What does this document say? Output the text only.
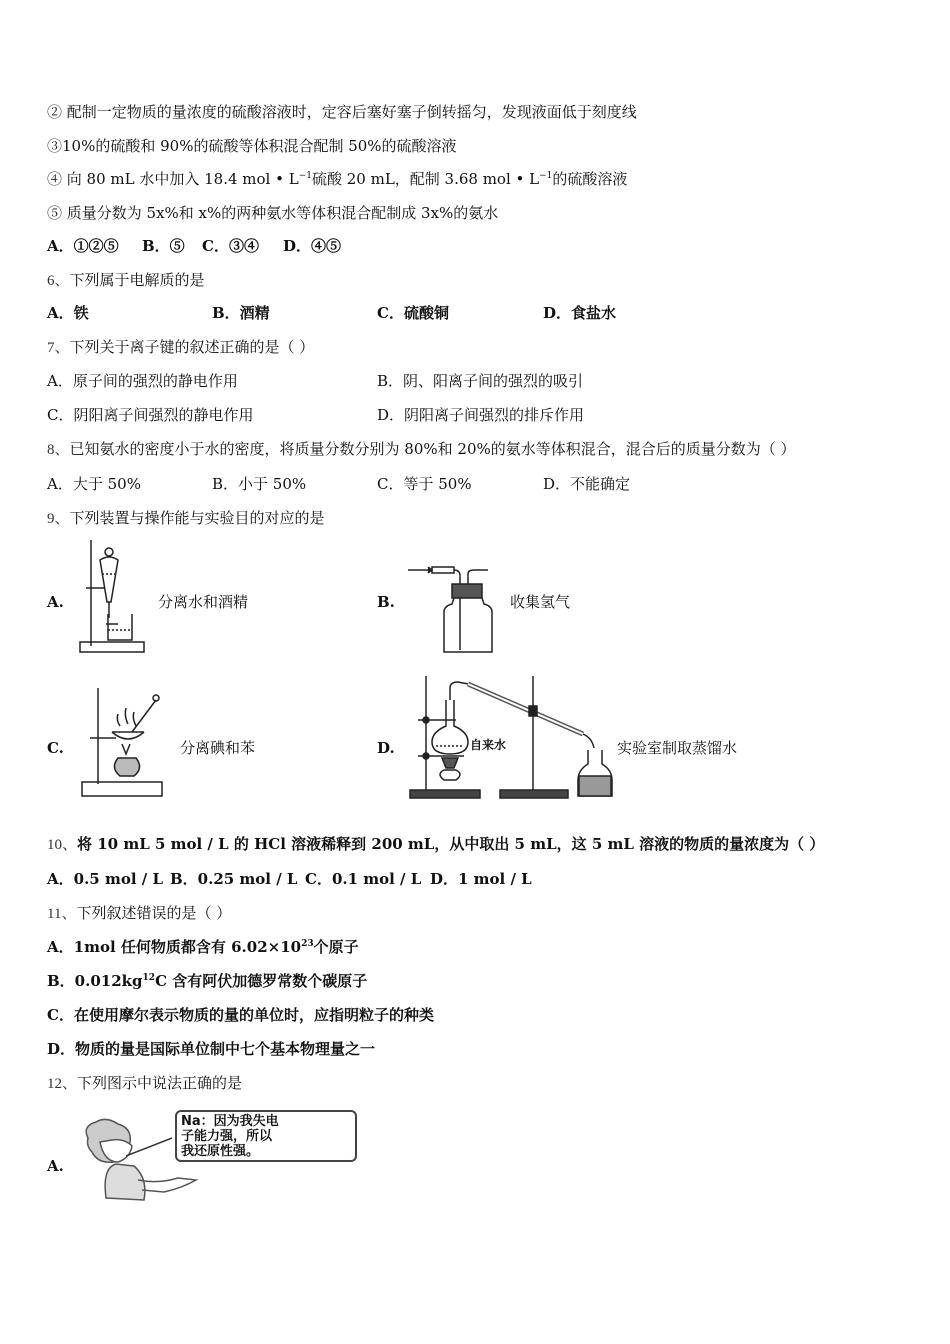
② 配制一定物质的量浓度的硫酸溶液时，定容后塞好塞子倒转摇匀，发现液面低于刻度线
③10%的硫酸和 90%的硫酸等体积混合配制 50%的硫酸溶液
④ 向 80 mL 水中加入 18.4 mol • $L^{-1}$硫酸 20 mL，配制 3.68 mol • $L^{-1}$的硫酸溶液
⑤ 质量分数为 5x%和 x%的两种氨水等体积混合配制成 3x%的氨水
A．①②⑤ B．⑤ C．③④ D．④⑤
6、下列属于电解质的是
A．铁	B．酒精	C．硫酸铜	D．食盐水
7、下列关于离子键的叙述正确的是（ ）
A．原子间的强烈的静电作用	B．阴、阳离子间的强烈的吸引
C．阴阳离子间强烈的静电作用	D．阴阳离子间强烈的排斥作用
8、已知氨水的密度小于水的密度，将质量分数分别为 80%和 20%的氨水等体积混合，混合后的质量分数为（ ）
A．大于 50%	B．小于 50%	C．等于 50%	D．不能确定
9、下列装置与操作能与实验目的对应的是
A.	分离水和酒精	B.	收集氢气
C.	分离碘和苯	D.	自来水	实验室制取蒸馏水
10、将 10 mL 5 mol / L 的 HCl 溶液稀释到 200 mL，从中取出 5 mL，这 5 mL 溶液的物质的量浓度为（ ）
A．0.5 mol / L B．0.25 mol / L C．0.1 mol / L D．1 mol / L
11、下列叙述错误的是（ ）
A．1mol 任何物质都含有 $6.02\times 10^{23}$个原子
B．$0.012kg^{12}C$ 含有阿伏加德罗常数个碳原子
C．在使用摩尔表示物质的量的单位时，应指明粒子的种类
D．物质的量是国际单位制中七个基本物理量之一
12、下列图示中说法正确的是
A.
Na：因为我失电
子能力强，所以
我还原性强。
